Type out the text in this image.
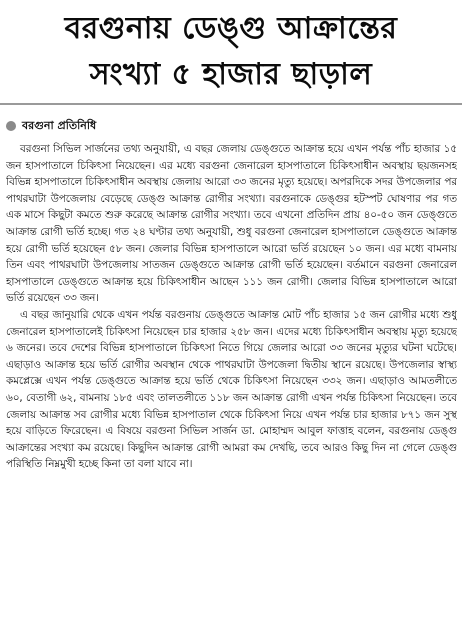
বরগুনায় ডেঙ্গু আক্রান্তের
সংখ্যা ৫ হাজার ছাড়াল
বরগুনা প্রতিনিধি

বরগুনা সিভিল সার্জনের তথ্য অনুযায়ী, এ বছর জেলায় ডেঙ্গুতে আক্রান্ত হয়ে এখন পর্যন্ত পাঁচ হাজার ১৫ জন হাসপাতালে চিকিৎসা নিয়েছেন। এর মধ্যে বরগুনা জেনারেল হাসপাতালে চিকিৎসাধীন অবস্থায় ছয়জনসহ বিভিন্ন হাসপাতালে চিকিৎসাধীন অবস্থায় জেলায় আরো ৩৩ জনের মৃত্যু হয়েছে। অপরদিকে সদর উপজেলার পর পাথরঘাটা উপজেলায় বেড়েছে ডেঙ্গু আক্রান্ত রোগীর সংখ্যা। বরগুনাকে ডেঙ্গুর হটস্পট ঘোষণার পর গত এক মাসে কিছুটা কমতে শুরু করেছে আক্রান্ত রোগীর সংখ্যা। তবে এখনো প্রতিদিন প্রায় ৪০-৫০ জন ডেঙ্গুতে আক্রান্ত রোগী ভর্তি হচ্ছে। গত ২৪ ঘণ্টার তথ্য অনুযায়ী, শুধু বরগুনা জেনারেল হাসপাতালে ডেঙ্গুতে আক্রান্ত হয়ে রোগী ভর্তি হয়েছেন ৫৮ জন। জেলার বিভিন্ন হাসপাতালে আরো ভর্তি রয়েছেন ১০ জন। এর মধ্যে বামনায় তিন এবং পাথরঘাটা উপজেলায় সাতজন ডেঙ্গুতে আক্রান্ত রোগী ভর্তি হয়েছেন। বর্তমানে বরগুনা জেনারেল হাসপাতালে ডেঙ্গুতে আক্রান্ত হয়ে চিকিৎসাধীন আছেন ১১১ জন রোগী। জেলার বিভিন্ন হাসপাতালে আরো ভর্তি রয়েছেন ৩৩ জন।

এ বছর জানুয়ারি থেকে এখন পর্যন্ত বরগুনায় ডেঙ্গুতে আক্রান্ত মোট পাঁচ হাজার ১৫ জন রোগীর মধ্যে শুধু জেনারেল হাসপাতালেই চিকিৎসা নিয়েছেন চার হাজার ২৫৮ জন। এদের মধ্যে চিকিৎসাধীন অবস্থায় মৃত্যু হয়েছে ৬ জনের। তবে দেশের বিভিন্ন হাসপাতালে চিকিৎসা নিতে গিয়ে জেলার আরো ৩৩ জনের মৃত্যুর ঘটনা ঘটেছে। এছাড়াও আক্রান্ত হয়ে ভর্তি রোগীর অবস্থান থেকে পাথরঘাটা উপজেলা দ্বিতীয় স্থানে রয়েছে। উপজেলার স্বাস্থ্য কমপ্লেক্সে এখন পর্যন্ত ডেঙ্গুতে আক্রান্ত হয়ে ভর্তি থেকে চিকিৎসা নিয়েছেন ৩৩২ জন। এছাড়াও আমতলীতে ৬০, বেতাগী ৬২, বামনায় ১৮৫ এবং তালতলীতে ১১৮ জন আক্রান্ত রোগী এখন পর্যন্ত চিকিৎসা নিয়েছেন। তবে জেলায় আক্রান্ত সব রোগীর মধ্যে বিভিন্ন হাসপাতাল থেকে চিকিৎসা নিয়ে এখন পর্যন্ত চার হাজার ৮৭১ জন সুস্থ হয়ে বাড়িতে ফিরেছেন। এ বিষয়ে বরগুনা সিভিল সার্জন ডা. মোহাম্মদ আবুল ফাত্তাহ বলেন, বরগুনায় ডেঙ্গু আক্রান্তের সংখ্যা কম রয়েছে। কিছুদিন আক্রান্ত রোগী আমরা কম দেখছি, তবে আরও কিছু দিন না গেলে ডেঙ্গু পরিস্থিতি নিম্নমুখী হচ্ছে কিনা তা বলা যাবে না।
